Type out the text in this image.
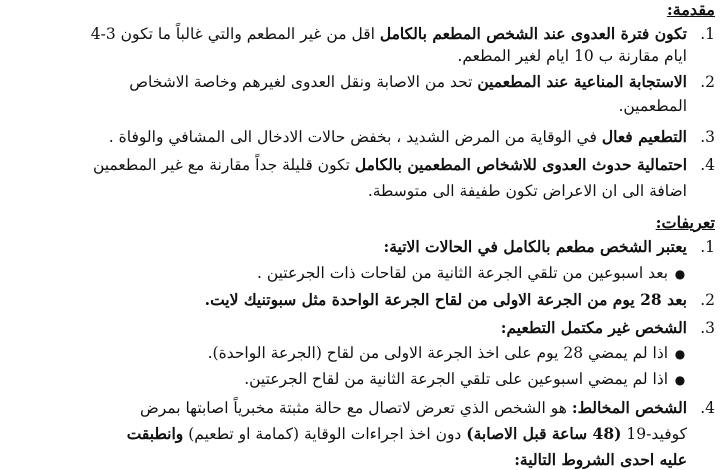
مقدمة:
1.تكون فترة العدوى عند الشخص المطعم بالكامل اقل من غير المطعم والتي غالباً ما تكون 3-4
ايام مقارنة ب 10 ايام لغير المطعم.
2.الاستجابة المناعية عند المطعمين تحد من الاصابة ونقل العدوى لغيرهم وخاصة الاشخاص
المطعمين.
3.التطعيم فعال في الوقاية من المرض الشديد ، بخفض حالات الادخال الى المشافي والوفاة .
4.احتمالية حدوث العدوى للاشخاص المطعمين بالكامل تكون قليلة جداً مقارنة مع غير المطعمين
اضافة الى ان الاعراض تكون طفيفة الى متوسطة.
تعريفات:
1.يعتبر الشخص مطعم بالكامل في الحالات الاتية:
● بعد اسبوعين من تلقي الجرعة الثانية من لقاحات ذات الجرعتين .
2.بعد 28 يوم من الجرعة الاولى من لقاح الجرعة الواحدة مثل سبوتنيك لايت.
3.الشخص غير مكتمل التطعيم:
● اذا لم يمضي 28 يوم على اخذ الجرعة الاولى من لقاح (الجرعة الواحدة).
● اذا لم يمضي اسبوعين على تلقي الجرعة الثانية من لقاح الجرعتين.
4.الشخص المخالط: هو الشخص الذي تعرض لاتصال مع حالة مثبتة مخبرياً اصابتها بمرض
كوفيد-19 (48 ساعة قبل الاصابة) دون اخذ اجراءات الوقاية (كمامة او تطعيم) وانطبقت
عليه احدى الشروط التالية:
